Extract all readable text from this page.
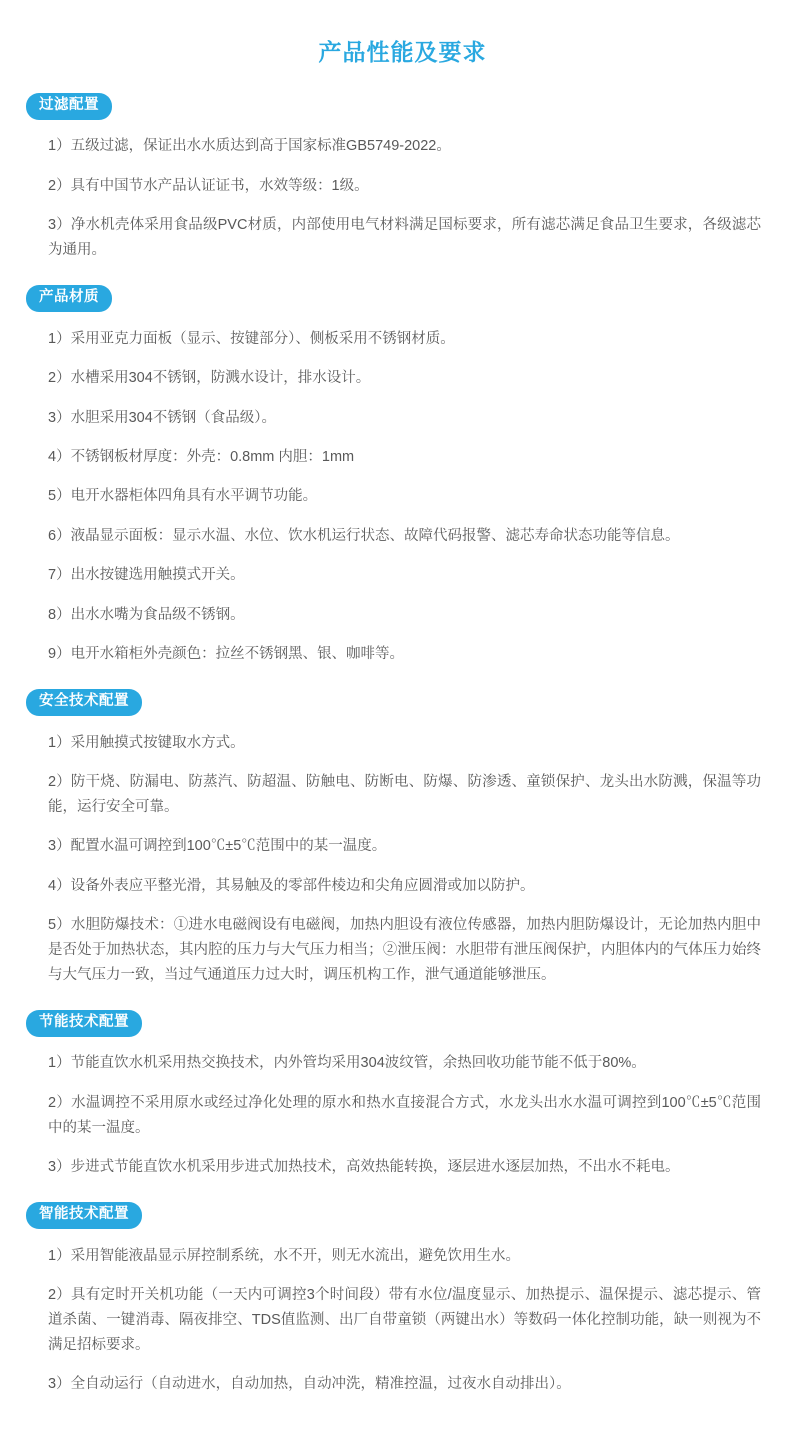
产品性能及要求
过滤配置

1）五级过滤，保证出水水质达到高于国家标准GB5749-2022。

2）具有中国节水产品认证证书，水效等级：1级。

3）净水机壳体采用食品级PVC材质，内部使用电气材料满足国标要求，所有滤芯满足食品卫生要求，各级滤芯为通用。

产品材质

1）采用亚克力面板（显示、按键部分）、侧板采用不锈钢材质。

2）水槽采用304不锈钢，防溅水设计，排水设计。

3）水胆采用304不锈钢（食品级）。

4）不锈钢板材厚度：外壳：0.8mm 内胆：1mm

5）电开水器柜体四角具有水平调节功能。

6）液晶显示面板：显示水温、水位、饮水机运行状态、故障代码报警、滤芯寿命状态功能等信息。

7）出水按键选用触摸式开关。

8）出水水嘴为食品级不锈钢。

9）电开水箱柜外壳颜色：拉丝不锈钢黑、银、咖啡等。

安全技术配置

1）采用触摸式按键取水方式。

2）防干烧、防漏电、防蒸汽、防超温、防触电、防断电、防爆、防渗透、童锁保护、龙头出水防溅，保温等功能，运行安全可靠。

3）配置水温可调控到100℃±5℃范围中的某一温度。

4）设备外表应平整光滑，其易触及的零部件棱边和尖角应圆滑或加以防护。

5）水胆防爆技术：①进水电磁阀设有电磁阀，加热内胆设有液位传感器，加热内胆防爆设计，无论加热内胆中是否处于加热状态，其内腔的压力与大气压力相当；②泄压阀：水胆带有泄压阀保护，内胆体内的气体压力始终与大气压力一致，当过气通道压力过大时，调压机构工作，泄气通道能够泄压。

节能技术配置

1）节能直饮水机采用热交换技术，内外管均采用304波纹管，余热回收功能节能不低于80%。

2）水温调控不采用原水或经过净化处理的原水和热水直接混合方式，水龙头出水水温可调控到100℃±5℃范围中的某一温度。

3）步进式节能直饮水机采用步进式加热技术，高效热能转换，逐层进水逐层加热，不出水不耗电。

智能技术配置

1）采用智能液晶显示屏控制系统，水不开，则无水流出，避免饮用生水。

2）具有定时开关机功能（一天内可调控3个时间段）带有水位/温度显示、加热提示、温保提示、滤芯提示、管道杀菌、一键消毒、隔夜排空、TDS值监测、出厂自带童锁（两键出水）等数码一体化控制功能，缺一则视为不满足招标要求。

3）全自动运行（自动进水，自动加热，自动冲洗，精准控温，过夜水自动排出）。
